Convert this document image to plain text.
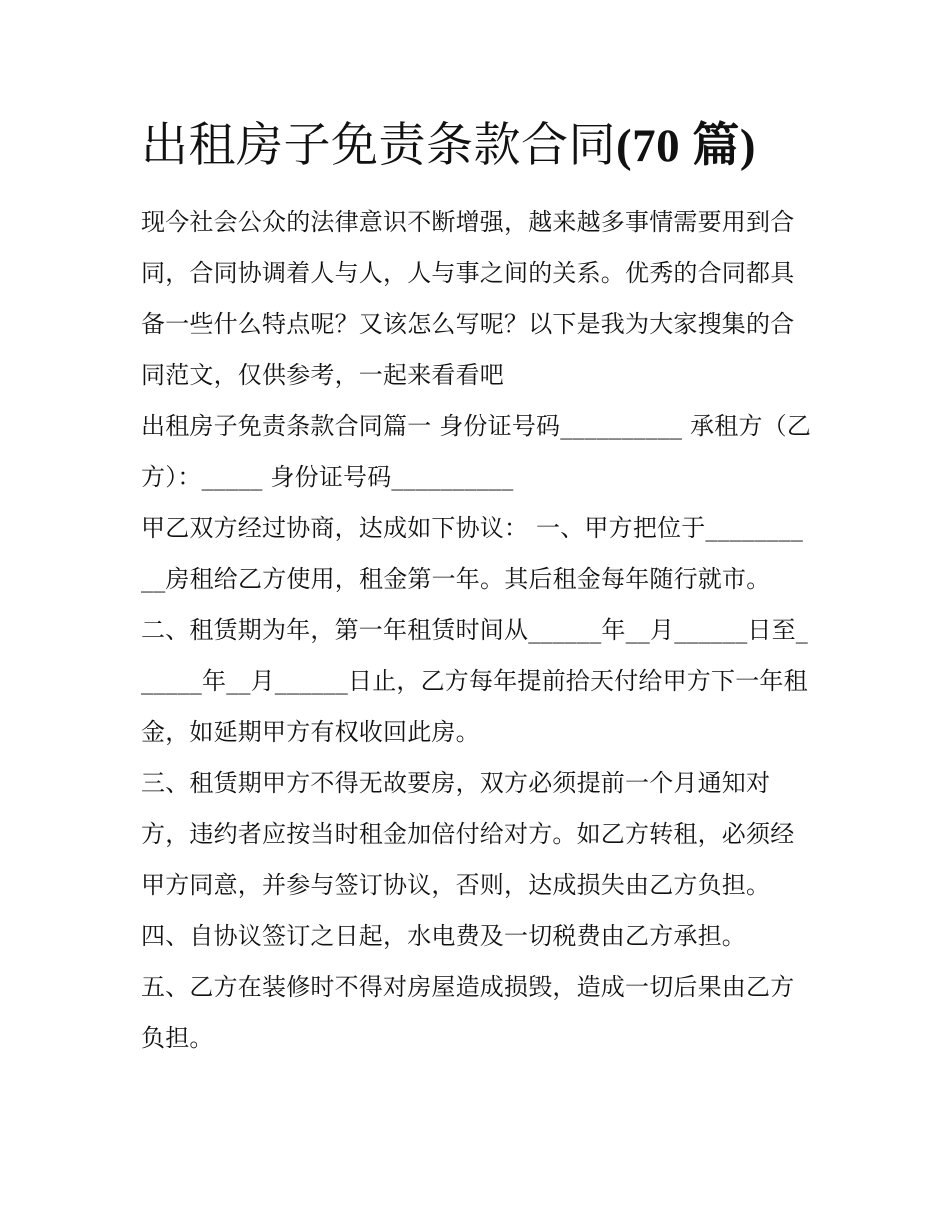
出租房子免责条款合同(70 篇)

现今社会公众的法律意识不断增强，越来越多事情需要用到合同，合同协调着人与人，人与事之间的关系。优秀的合同都具备一些什么特点呢？又该怎么写呢？以下是我为大家搜集的合同范文，仅供参考，一起来看看吧

出租房子免责条款合同篇一 身份证号码__________ 承租方（乙方）：_____ 身份证号码__________

甲乙双方经过协商，达成如下协议： 一、甲方把位于__________房租给乙方使用，租金第一年。其后租金每年随行就市。

二、租赁期为年，第一年租赁时间从______年__月______日至______年__月______日止，乙方每年提前拾天付给甲方下一年租金，如延期甲方有权收回此房。

三、租赁期甲方不得无故要房，双方必须提前一个月通知对方，违约者应按当时租金加倍付给对方。如乙方转租，必须经甲方同意，并参与签订协议，否则，达成损失由乙方负担。

四、自协议签订之日起，水电费及一切税费由乙方承担。

五、乙方在装修时不得对房屋造成损毁，造成一切后果由乙方负担。
